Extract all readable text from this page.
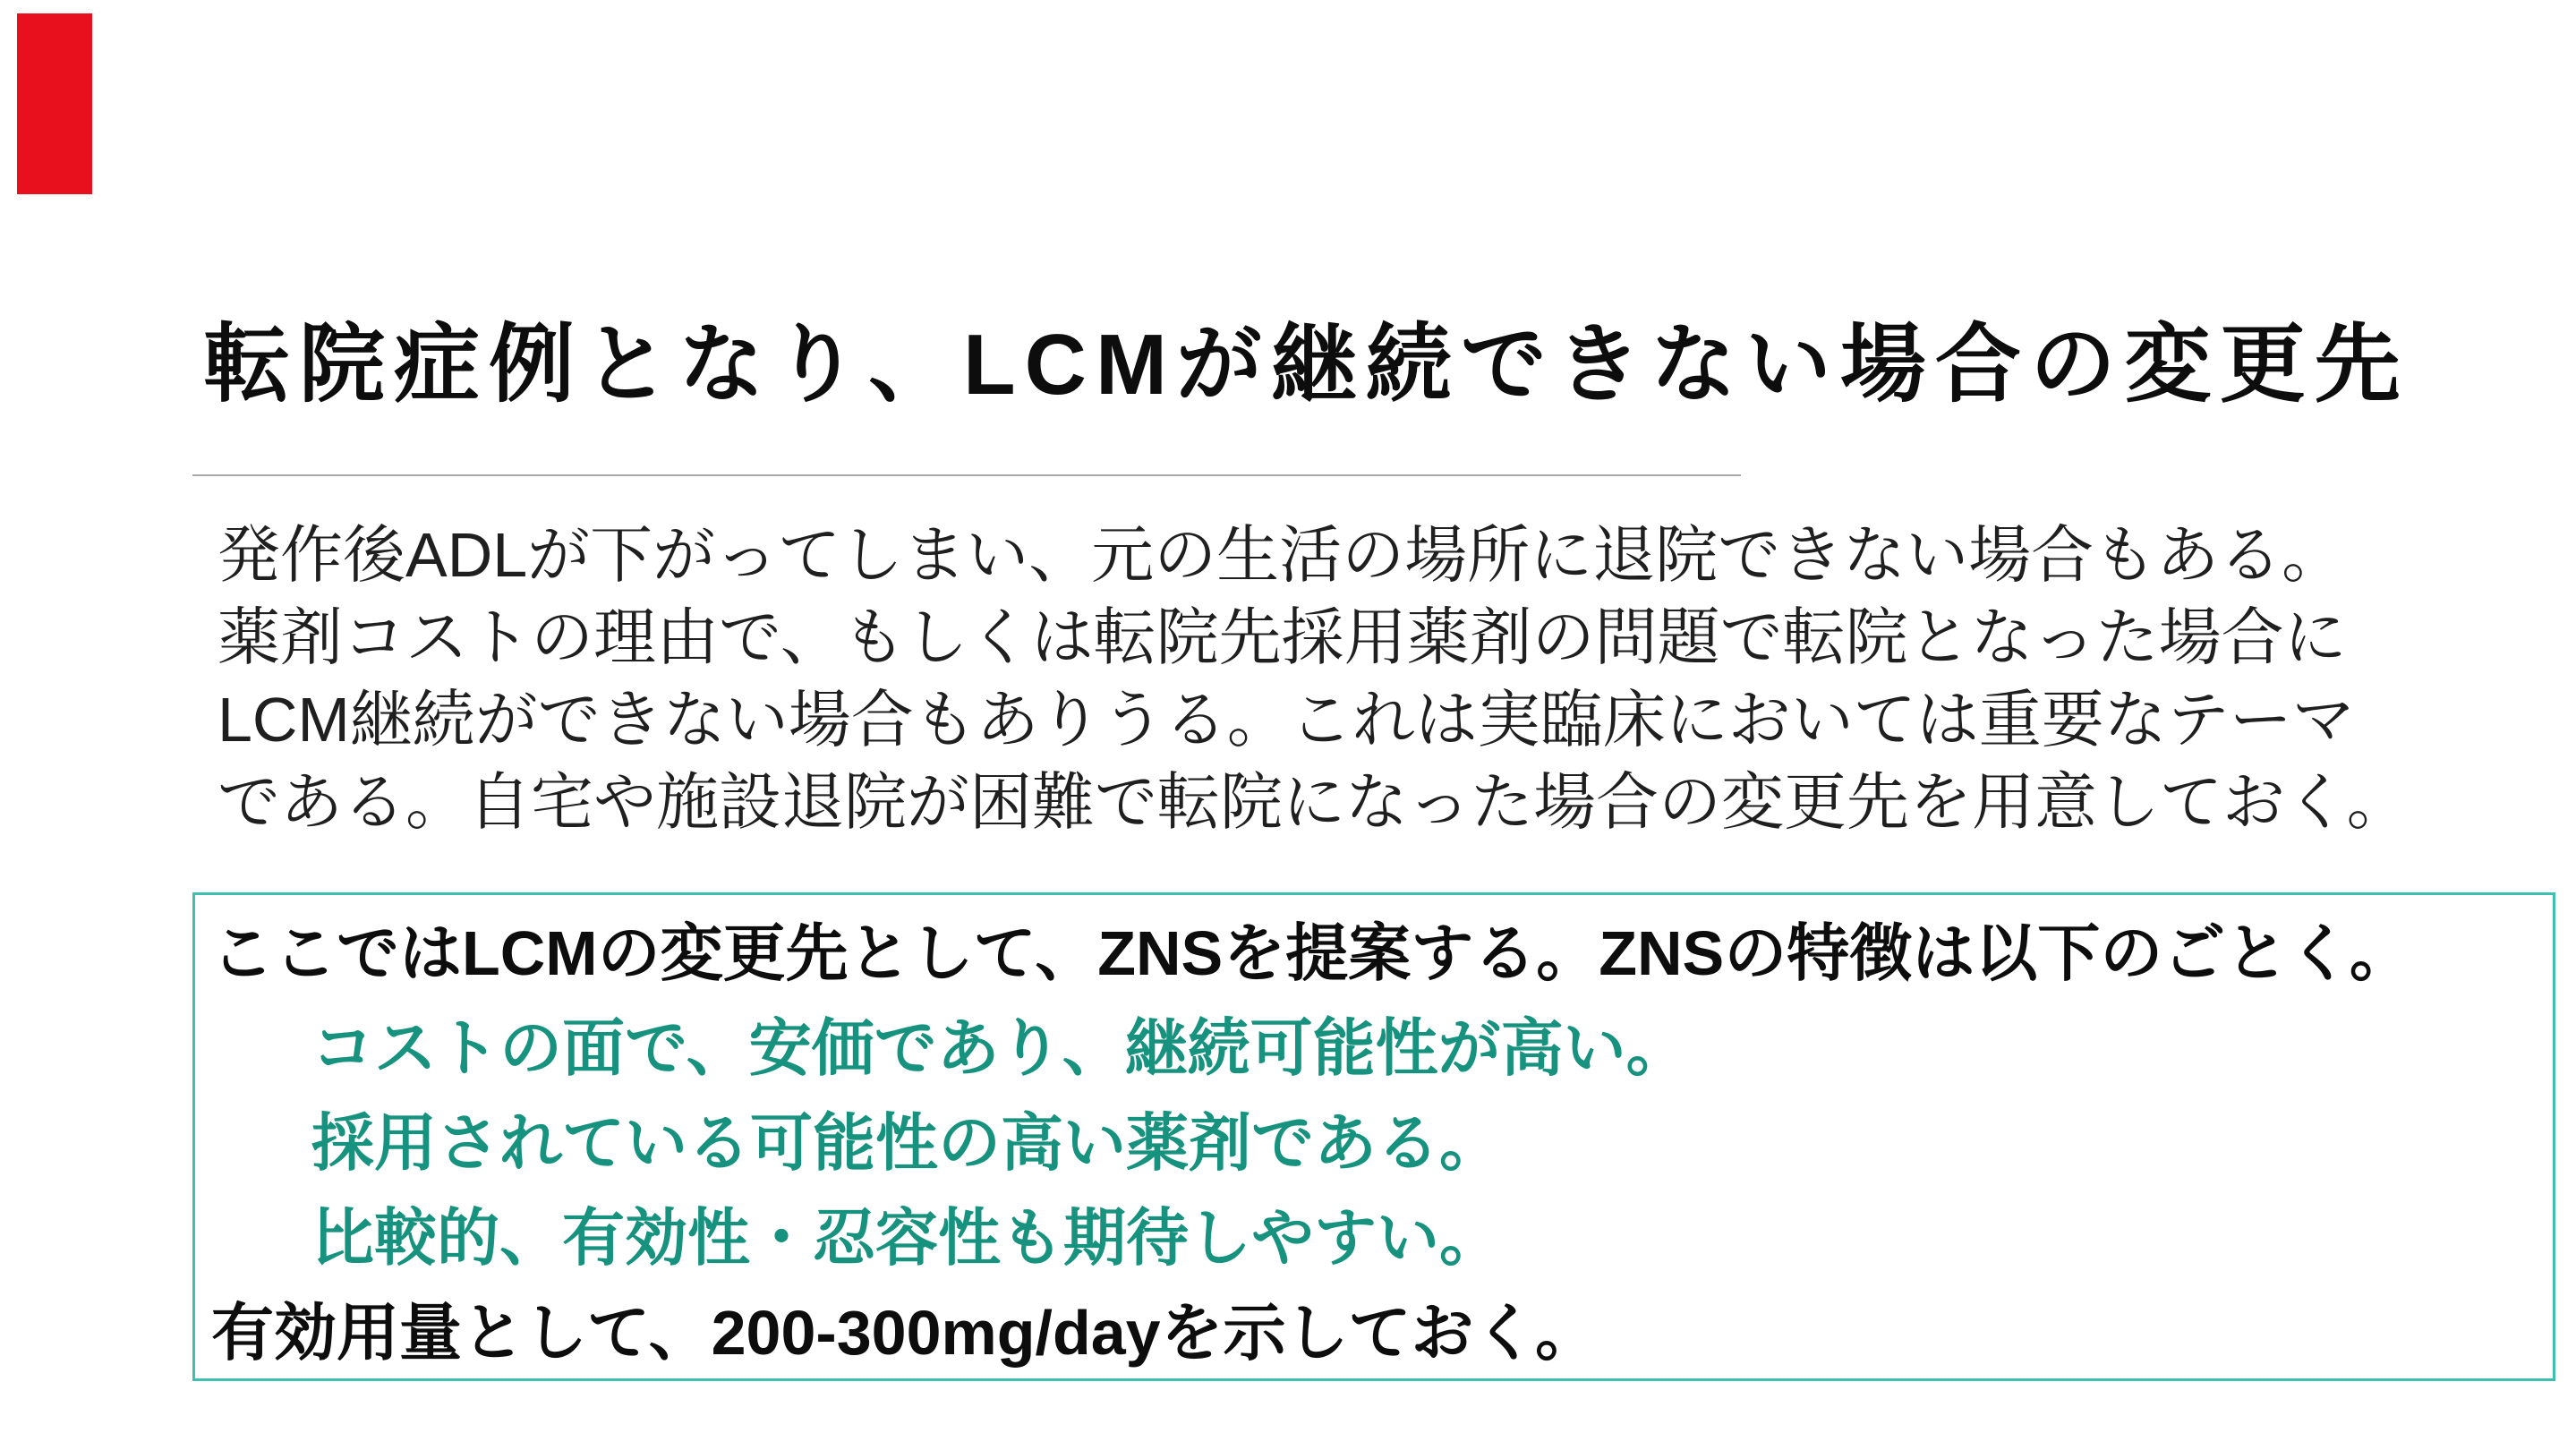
転院症例となり、LCMが継続できない場合の変更先
発作後ADLが下がってしまい、元の生活の場所に退院できない場合もある。
薬剤コストの理由で、もしくは転院先採用薬剤の問題で転院となった場合に
LCM継続ができない場合もありうる。これは実臨床においては重要なテーマ
である。自宅や施設退院が困難で転院になった場合の変更先を用意しておく。
ここではLCMの変更先として、ZNSを提案する。ZNSの特徴は以下のごとく。
コストの面で、安価であり、継続可能性が高い。
採用されている可能性の高い薬剤である。
比較的、有効性・忍容性も期待しやすい。
有効用量として、200-300mg/dayを示しておく。
